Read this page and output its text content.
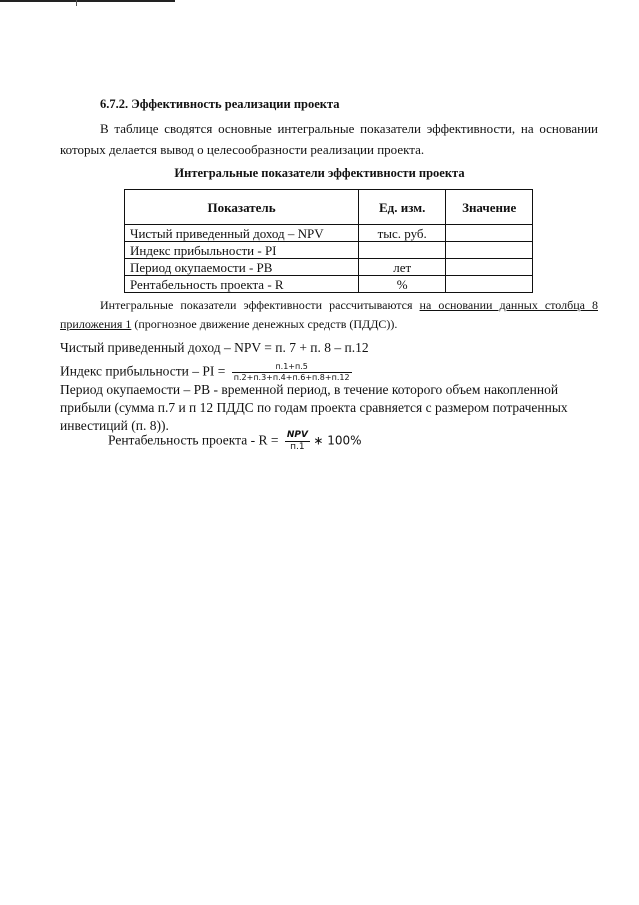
6.7.2. Эффективность реализации проекта
В таблице сводятся основные интегральные показатели эффективности, на основании которых делается вывод о целесообразности реализации проекта.
Интегральные показатели эффективности проекта
Показатель	Ед. изм.	Значение
Чистый приведенный доход – NPV	тыс. руб.	
Индекс прибыльности - PI		
Период окупаемости - PB	лет	
Рентабельность проекта - R	%	
Интегральные показатели эффективности рассчитываются на основании данных столбца 8 приложения 1 (прогнозное движение денежных средств (ПДДС)).
Чистый приведенный доход – NPV = п. 7 + п. 8 – п.12
Индекс прибыльности – PI = $\frac{п.1+п.5}{п.2+п.3+п.4+п.6+п.8+п.12}$
Период окупаемости – PB - временной период, в течение которого объем накопленной прибыли (сумма п.7 и п 12 ПДДС по годам проекта сравняется с размером потраченных инвестиций (п. 8)).
Рентабельность проекта - $R = \frac{\text{NPV}}{п.1}$ ∗ 100%
